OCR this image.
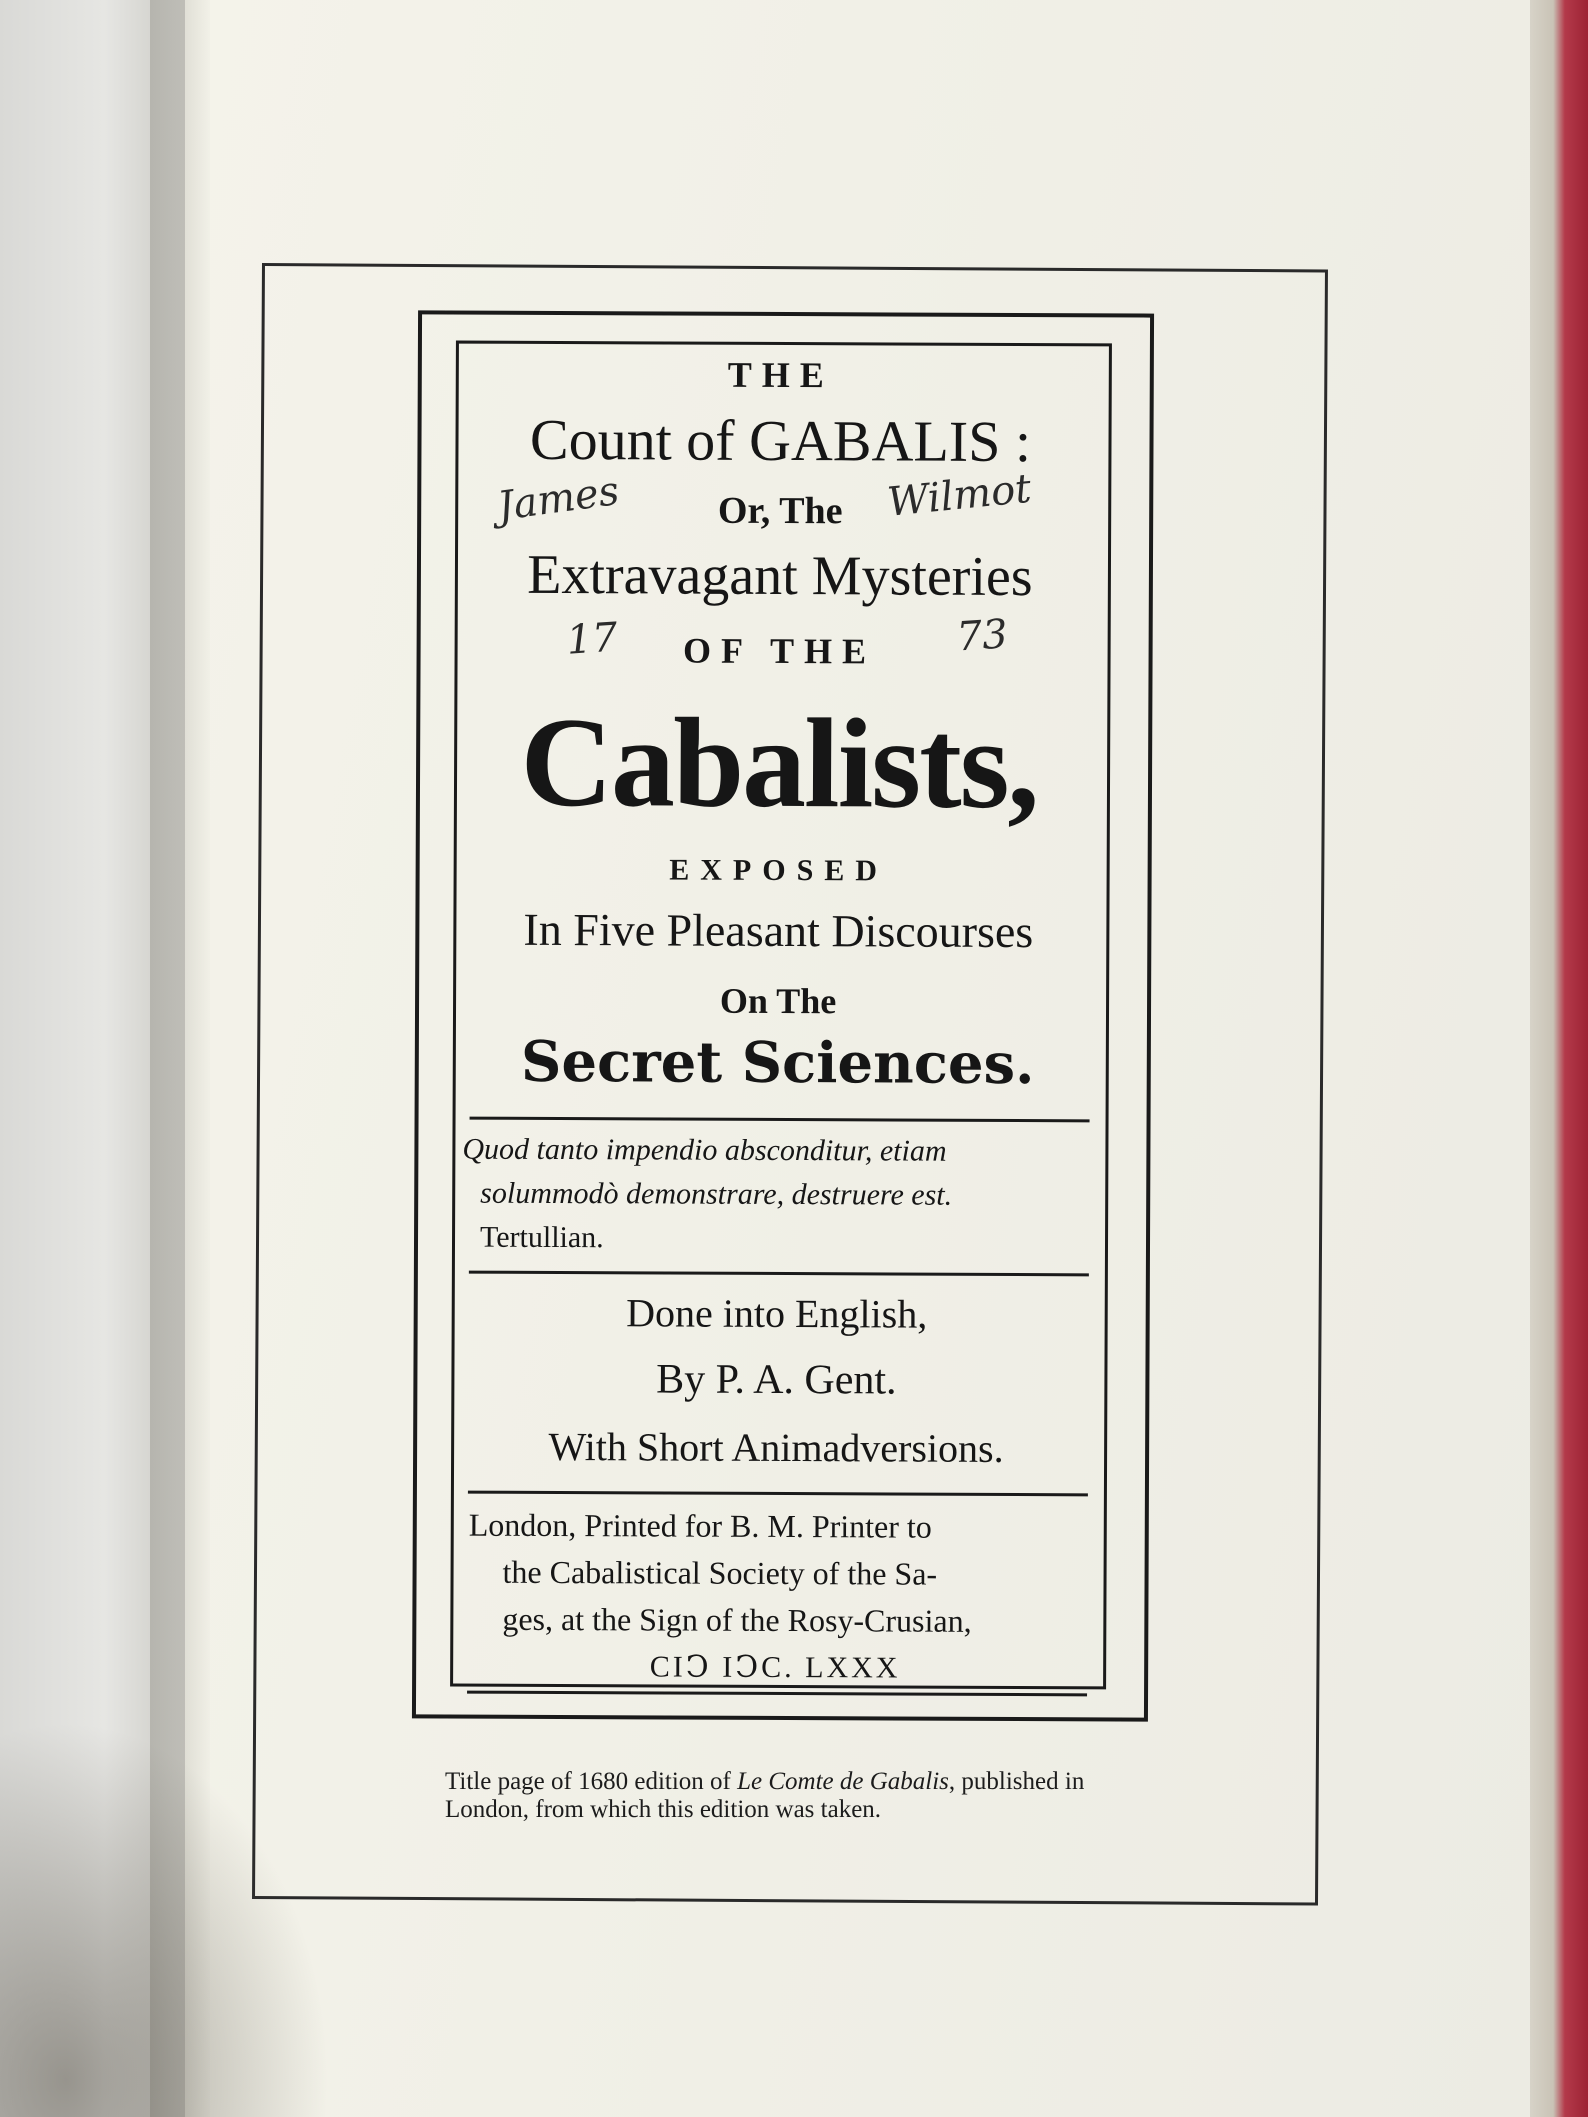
THE
Count of GABALIS :
Or, The
Extravagant Mysteries
OF THE
Cabalists,
EXPOSED
In Five Pleasant Discourses
On The
Secret Sciences.
Quod tanto impendio absconditur, etiam
solummodò demonstrare, destruere est.
Tertullian.
Done into English,
By P. A. Gent.
With Short Animadversions.
London, Printed for B. M. Printer to
the Cabalistical Society of the Sa-
ges, at the Sign of the Rosy-Crusian,
CIↃ IↃC. LXXX
James	Wilmot
17	73
Title page of 1680 edition of Le Comte de Gabalis, published in London, from which this edition was taken.
